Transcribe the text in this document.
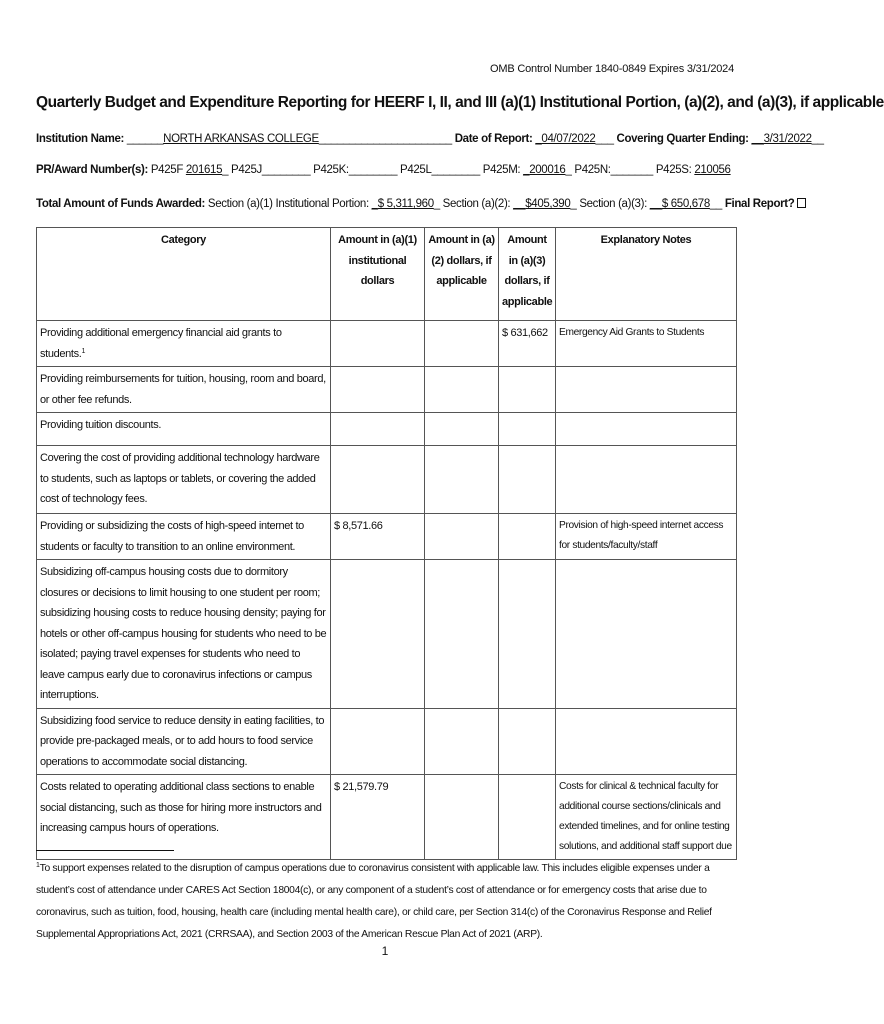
OMB Control Number 1840-0849 Expires 3/31/2024
Quarterly Budget and Expenditure Reporting for HEERF I, II, and III (a)(1) Institutional Portion, (a)(2), and (a)(3), if applicable
Institution Name: ______NORTH ARKANSAS COLLEGE______________________ Date of Report: _04/07/2022___ Covering Quarter Ending: __3/31/2022__
PR/Award Number(s): P425F 201615_ P425J________ P425K:________ P425L________ P425M: _200016_ P425N:_______ P425S: 210056
Total Amount of Funds Awarded: Section (a)(1) Institutional Portion: _$ 5,311,960_ Section (a)(2): __$405,390_ Section (a)(3): __$ 650,678__ Final Report?
Category	Amount in (a)(1) institutional dollars	Amount in (a)(2) dollars, if applicable	Amount in (a)(3) dollars, if applicable	Explanatory Notes
Providing additional emergency financial aid grants to students.$^1$			$ 631,662	Emergency Aid Grants to Students
Providing reimbursements for tuition, housing, room and board, or other fee refunds.				
Providing tuition discounts.				
Covering the cost of providing additional technology hardware to students, such as laptops or tablets, or covering the added cost of technology fees.				
Providing or subsidizing the costs of high-speed internet to students or faculty to transition to an online environment.	$ 8,571.66			Provision of high-speed internet access for students/faculty/staff
Subsidizing off-campus housing costs due to dormitory closures or decisions to limit housing to one student per room; subsidizing housing costs to reduce housing density; paying for hotels or other off-campus housing for students who need to be isolated; paying travel expenses for students who need to leave campus early due to coronavirus infections or campus interruptions.				
Subsidizing food service to reduce density in eating facilities, to provide pre-packaged meals, or to add hours to food service operations to accommodate social distancing.				
Costs related to operating additional class sections to enable social distancing, such as those for hiring more instructors and increasing campus hours of operations.	$ 21,579.79			Costs for clinical & technical faculty for additional course sections/clinicals and extended timelines, and for online testing solutions, and additional staff support due
$^1$To support expenses related to the disruption of campus operations due to coronavirus consistent with applicable law. This includes eligible expenses under a student’s cost of attendance under CARES Act Section 18004(c), or any component of a student’s cost of attendance or for emergency costs that arise due to coronavirus, such as tuition, food, housing, health care (including mental health care), or child care, per Section 314(c) of the Coronavirus Response and Relief Supplemental Appropriations Act, 2021 (CRRSAA), and Section 2003 of the American Rescue Plan Act of 2021 (ARP).
1
